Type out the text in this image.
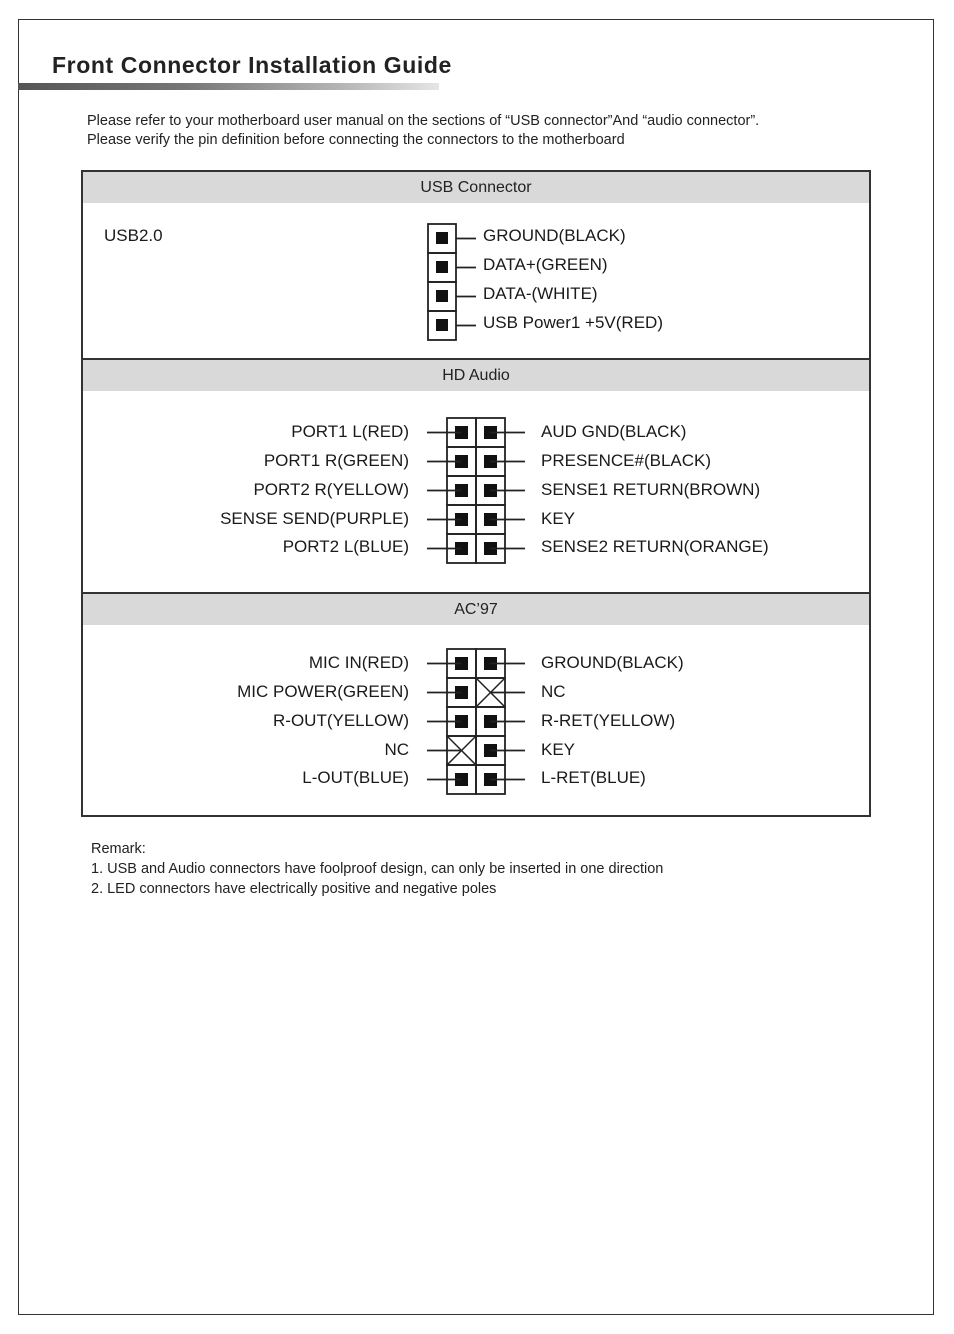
Front Connector Installation Guide
Please refer to your motherboard user manual on the sections of “USB connector”And “audio connector”.
Please verify the pin definition before connecting the connectors to the motherboard
USB Connector
USB2.0	GROUND(BLACK)
DATA+(GREEN)
DATA-(WHITE)
USB Power1 +5V(RED)
HD Audio
PORT1 L(RED)
PORT1 R(GREEN)
PORT2 R(YELLOW)
SENSE SEND(PURPLE)
PORT2 L(BLUE)
AUD GND(BLACK)
PRESENCE#(BLACK)
SENSE1 RETURN(BROWN)
KEY
SENSE2 RETURN(ORANGE)
AC’97
MIC IN(RED)
MIC POWER(GREEN)
R-OUT(YELLOW)
NC
L-OUT(BLUE)
GROUND(BLACK)
NC
R-RET(YELLOW)
KEY
L-RET(BLUE)
Remark:
1. USB and Audio connectors have foolproof design, can only be inserted in one direction
2. LED connectors have electrically positive and negative poles
